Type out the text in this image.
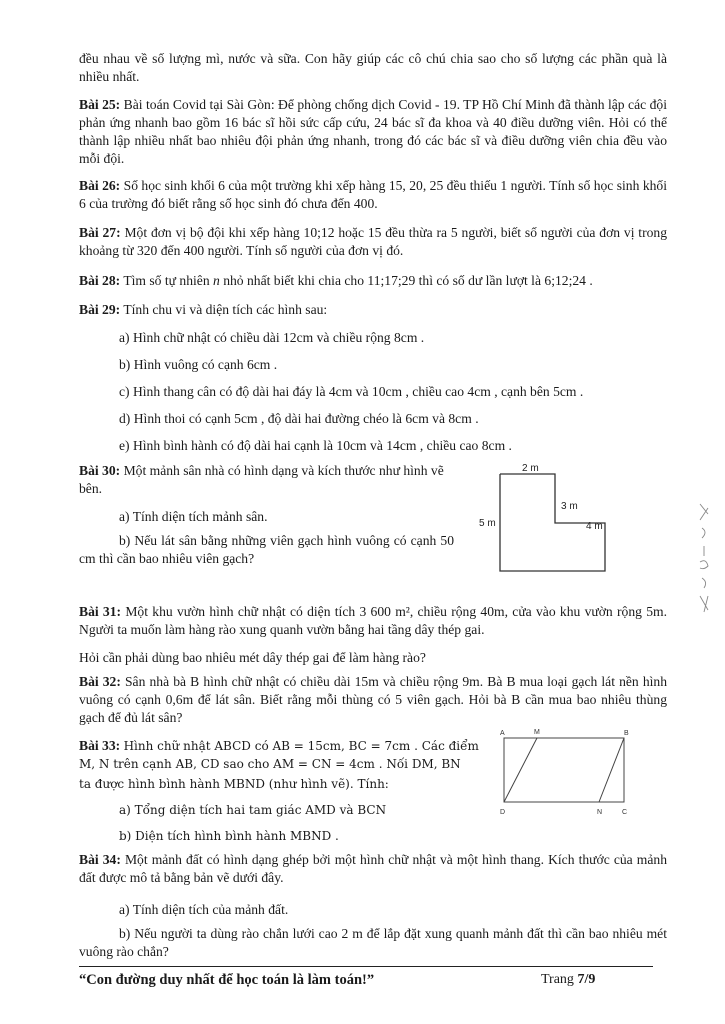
đều nhau về số lượng mì, nước và sữa. Con hãy giúp các cô chú chia sao cho số lượng các phần quà là nhiều nhất.

Bài 25: Bài toán Covid tại Sài Gòn: Để phòng chống dịch Covid - 19. TP Hồ Chí Minh đã thành lập các đội phản ứng nhanh bao gồm 16 bác sĩ hồi sức cấp cứu, 24 bác sĩ đa khoa và 40 điều dưỡng viên. Hỏi có thể thành lập nhiều nhất bao nhiêu đội phản ứng nhanh, trong đó các bác sĩ và điều dưỡng viên chia đều vào mỗi đội.

Bài 26: Số học sinh khối 6 của một trường khi xếp hàng 15, 20, 25 đều thiếu 1 người. Tính số học sinh khối 6 của trường đó biết rằng số học sinh đó chưa đến 400.

Bài 27: Một đơn vị bộ đội khi xếp hàng 10;12 hoặc 15 đều thừa ra 5 người, biết số người của đơn vị trong khoảng từ 320 đến 400 người. Tính số người của đơn vị đó.

Bài 28: Tìm số tự nhiên n nhỏ nhất biết khi chia cho 11;17;29 thì có số dư lần lượt là 6;12;24 .

Bài 29: Tính chu vi và diện tích các hình sau:

a) Hình chữ nhật có chiều dài 12cm và chiều rộng 8cm .
b) Hình vuông có cạnh 6cm .
c) Hình thang cân có độ dài hai đáy là 4cm và 10cm , chiều cao 4cm , cạnh bên 5cm .
d) Hình thoi có cạnh 5cm , độ dài hai đường chéo là 6cm và 8cm .
e) Hình bình hành có độ dài hai cạnh là 10cm và 14cm , chiều cao 8cm .

Bài 30: Một mảnh sân nhà có hình dạng và kích thước như hình vẽ bên.

a) Tính diện tích mảnh sân.
b) Nếu lát sân bằng những viên gạch hình vuông có cạnh 50 cm thì cần bao nhiêu viên gạch?
2 m
3 m
5 m	4 m

Bài 31: Một khu vườn hình chữ nhật có diện tích 3 600 m², chiều rộng 40m, cửa vào khu vườn rộng 5m. Người ta muốn làm hàng rào xung quanh vườn bằng hai tầng dây thép gai.

Hỏi cần phải dùng bao nhiêu mét dây thép gai để làm hàng rào?

Bài 32: Sân nhà bà B hình chữ nhật có chiều dài 15m và chiều rộng 9m. Bà B mua loại gạch lát nền hình vuông có cạnh 0,6m để lát sân. Biết rằng mỗi thùng có 5 viên gạch. Hỏi bà B cần mua bao nhiêu thùng gạch để đủ lát sân?

Bài 33: Hình chữ nhật ABCD có AB = 15cm, BC = 7cm . Các điểm

M, N trên cạnh AB, CD sao cho AM = CN = 4cm . Nối DM, BN
ta được hình bình hành MBND (như hình vẽ). Tính:
a) Tổng diện tích hai tam giác AMD và BCN
b) Diện tích hình bình hành MBND .
A	M	B
D	N	C

Bài 34: Một mảnh đất có hình dạng ghép bởi một hình chữ nhật và một hình thang. Kích thước của mảnh đất được mô tả bằng bản vẽ dưới đây.

a) Tính diện tích của mảnh đất.
b) Nếu người ta dùng rào chắn lưới cao 2 m để lắp đặt xung quanh mảnh đất thì cần bao nhiêu mét vuông rào chắn?
“Con đường duy nhất để học toán là làm toán!”	Trang 7/9
